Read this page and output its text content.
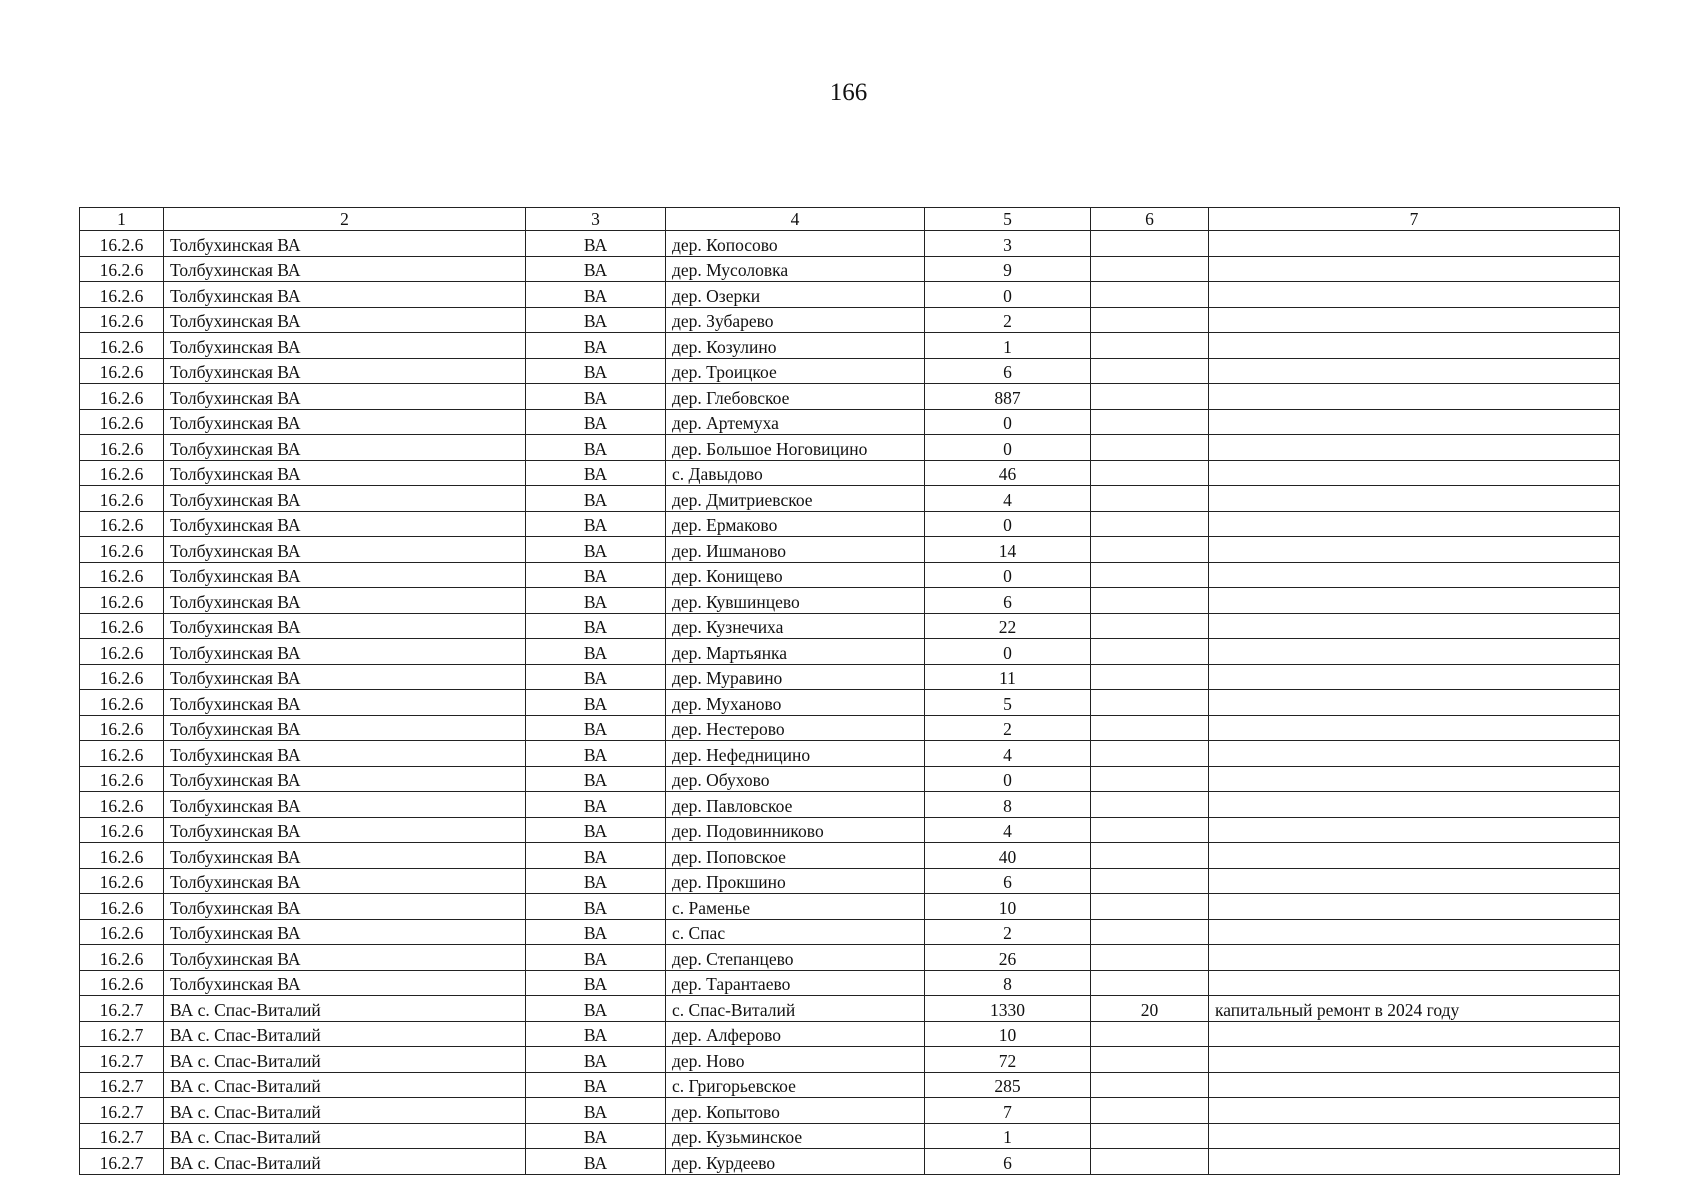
166
1	2	3	4	5	6	7
16.2.6	Толбухинская ВА	ВА	дер. Копосово	3		
16.2.6	Толбухинская ВА	ВА	дер. Мусоловка	9		
16.2.6	Толбухинская ВА	ВА	дер. Озерки	0		
16.2.6	Толбухинская ВА	ВА	дер. Зубарево	2		
16.2.6	Толбухинская ВА	ВА	дер. Козулино	1		
16.2.6	Толбухинская ВА	ВА	дер. Троицкое	6		
16.2.6	Толбухинская ВА	ВА	дер. Глебовское	887		
16.2.6	Толбухинская ВА	ВА	дер. Артемуха	0		
16.2.6	Толбухинская ВА	ВА	дер. Большое Ноговицино	0		
16.2.6	Толбухинская ВА	ВА	с. Давыдово	46		
16.2.6	Толбухинская ВА	ВА	дер. Дмитриевское	4		
16.2.6	Толбухинская ВА	ВА	дер. Ермаково	0		
16.2.6	Толбухинская ВА	ВА	дер. Ишманово	14		
16.2.6	Толбухинская ВА	ВА	дер. Конищево	0		
16.2.6	Толбухинская ВА	ВА	дер. Кувшинцево	6		
16.2.6	Толбухинская ВА	ВА	дер. Кузнечиха	22		
16.2.6	Толбухинская ВА	ВА	дер. Мартьянка	0		
16.2.6	Толбухинская ВА	ВА	дер. Муравино	11		
16.2.6	Толбухинская ВА	ВА	дер. Муханово	5		
16.2.6	Толбухинская ВА	ВА	дер. Нестерово	2		
16.2.6	Толбухинская ВА	ВА	дер. Нефедницино	4		
16.2.6	Толбухинская ВА	ВА	дер. Обухово	0		
16.2.6	Толбухинская ВА	ВА	дер. Павловское	8		
16.2.6	Толбухинская ВА	ВА	дер. Подовинниково	4		
16.2.6	Толбухинская ВА	ВА	дер. Поповское	40		
16.2.6	Толбухинская ВА	ВА	дер. Прокшино	6		
16.2.6	Толбухинская ВА	ВА	с. Раменье	10		
16.2.6	Толбухинская ВА	ВА	с. Спас	2		
16.2.6	Толбухинская ВА	ВА	дер. Степанцево	26		
16.2.6	Толбухинская ВА	ВА	дер. Тарантаево	8		
16.2.7	ВА с. Спас-Виталий	ВА	с. Спас-Виталий	1330	20	капитальный ремонт в 2024 году
16.2.7	ВА с. Спас-Виталий	ВА	дер. Алферово	10		
16.2.7	ВА с. Спас-Виталий	ВА	дер. Ново	72		
16.2.7	ВА с. Спас-Виталий	ВА	с. Григорьевское	285		
16.2.7	ВА с. Спас-Виталий	ВА	дер. Копытово	7		
16.2.7	ВА с. Спас-Виталий	ВА	дер. Кузьминское	1		
16.2.7	ВА с. Спас-Виталий	ВА	дер. Курдеево	6		
